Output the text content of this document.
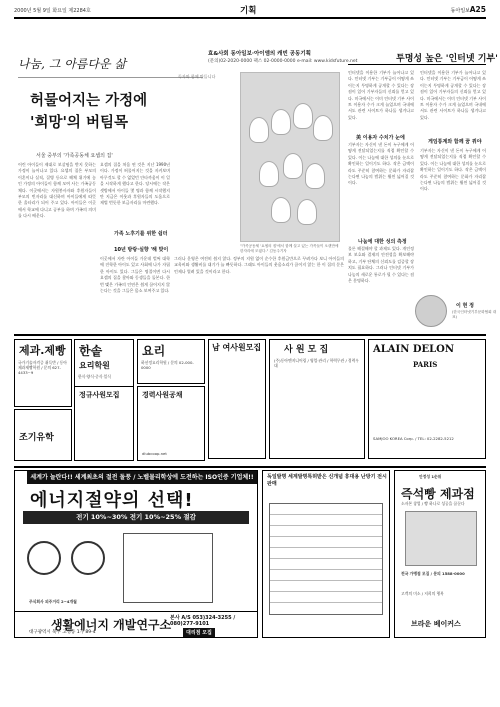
2000년 5월 9일 화요일 제2284호	기획	동아일보 A25
나눔, 그 아름다운 삶
독자와 함께 만듭니다
효&사회 동아일보·아이앰의 캐빈 공동기획
(문의)02-2020-0000 팩스 02-0000-0000 e-mail: www.kidsfuture.net
허물어지는 가정에
'희망'의 버팀목
서울 중부의 '가족공동체 요셉의 집'
어린 아이들이 제대로 보살핌을 받지 못하는 가정이 늘어나고 있다. 요셉의 집은 부모의 이혼이나 실직, 질병 등으로 해체 위기에 놓인 가정의 아이들이 함께 모여 사는 가족공동체다. 이곳에서는 자원봉사자와 후원자들이 부모의 빈자리를 대신하며 아이들에게 따뜻한 울타리가 되어 주고 있다. 아이들은 이곳에서 학교에 다니고 공부를 하며 가족의 의미를 다시 배운다.
요셉의 집을 처음 연 것은 지난 1990년이다. 가정이 허물어지는 것을 지켜보며 아무것도 할 수 없었던 안타까움이 이 일을 시작하게 했다고 한다. 당시에는 작은 셋방에서 아이들 몇 명과 함께 시작했지만 지금은 이웃과 후원자들의 도움으로 제법 번듯한 보금자리를 마련했다.
가족 노후기를 위한 쉼터
10년 방랑·실향 '해 맞이
이곳에서 자란 아이들 가운데 벌써 대학에 진학한 아이도 있고 사회에 나가 자립한 아이도 있다. 그들은 명절이면 다시 요셉의 집을 찾아와 동생들을 돌본다. 한 번 맺은 가족의 인연은 쉽게 끊어지지 않는다는 것을 그들은 몸소 보여주고 있다.
그러나 운영은 여전히 쉽지 않다. 정부의 지원 없이 순수한 후원금만으로 꾸려가다 보니 아이들의 교육비와 생활비를 대기가 늘 빠듯하다. 그래도 아이들의 웃음소리가 끊이지 않는 한 이 집의 문은 언제나 열려 있을 것이라고 한다.
"가족공동체 '요셉의 집'에서 함께 살고 있는 가족들이 오랜만에 한자리에 모였다." 김동주기자
투명성 높은 '인터넷 기부'
인터넷을 이용한 기부가 늘어나고 있다. 인터넷 기부는 기부금이 어떻게 쓰이는지 투명하게 공개할 수 있다는 장점이 있어 기부자들의 신뢰를 얻고 있다. 미국에서는 이미 인터넷 기부 사이트 이용자 수가 크게 늘었으며 국내에서도 관련 사이트가 하나둘 생겨나고 있다.
美 이용자 수치가 눈에
기부자는 자신이 낸 돈이 누구에게 어떻게 전달되었는지를 직접 확인할 수 있다. 이는 나눔에 대한 성의를 눈으로 확인하는 일이기도 하다. 작은 금액이라도 꾸준히 참여하는 문화가 자리잡는다면 나눔의 범위는 훨씬 넓어질 것이다.
나눔에 대한 성의 측정
물론 해결해야 할 과제도 있다. 개인정보 보호와 결제의 안전성을 확보해야 하고, 기부 단체의 신뢰도를 검증할 장치도 필요하다. 그러나 인터넷 기부가 나눔의 새로운 통로가 될 수 있다는 점은 분명하다.
인터넷을 이용한 기부가 늘어나고 있다. 인터넷 기부는 기부금이 어떻게 쓰이는지 투명하게 공개할 수 있다는 장점이 있어 기부자들의 신뢰를 얻고 있다. 미국에서는 이미 인터넷 기부 사이트 이용자 수가 크게 늘었으며 국내에서도 관련 사이트가 하나둘 생겨나고 있다.
게임통계와 함께 꿈 꿔야
기부자는 자신이 낸 돈이 누구에게 어떻게 전달되었는지를 직접 확인할 수 있다. 이는 나눔에 대한 성의를 눈으로 확인하는 일이기도 하다. 작은 금액이라도 꾸준히 참여하는 문화가 자리잡는다면 나눔의 범위는 훨씬 넓어질 것이다.
이 현 정
(한국인터넷기부문화협회 대표)
제과.제빵
국가기술자격증 취득반 / 동아제과제빵학원 / 문의 627-4433~9
한솥
요리학원
한식·양식·중식·일식
요리
하선정요리학원 / 문의 02-000-0000
남 여사원모집	사 원 모 집
(주)동아엔지니어링 / 영업·관리 / 학력무관 / 경력우대
ALAIN DELON
PARIS
SAMJOO KOREA Corp. / TEL: 02-2282-5212
조기유학
정규사원모집	경력사원공채
dlubcoop.net
세계가 놀란다!! 세계최초의 절전 돌풍 / 노벨물리학상에 도전하는 ISO인증 기업체!!
에너지절약의 선택!
전기 10%~30% 전기 10%~25% 절감
주식회사 외주거리 2~4개월
생활에너지 개발연구소
대구광역시 북구 고성동 1가 89-4
본사 A/S 053)324-3255 / 080)277-9101
대리점 모집
독일발명 세계발명특허받은 신개념 휴대용 난방기 전시판매
안정성 1순위
즉석빵 제과점
소자본 창업 / 빵 하나로 성공을 꿈꾼다
전국 가맹점 모집 / 문의 1588-0000
고객의 미소 / 저희의 행복
브라운 베이커스
